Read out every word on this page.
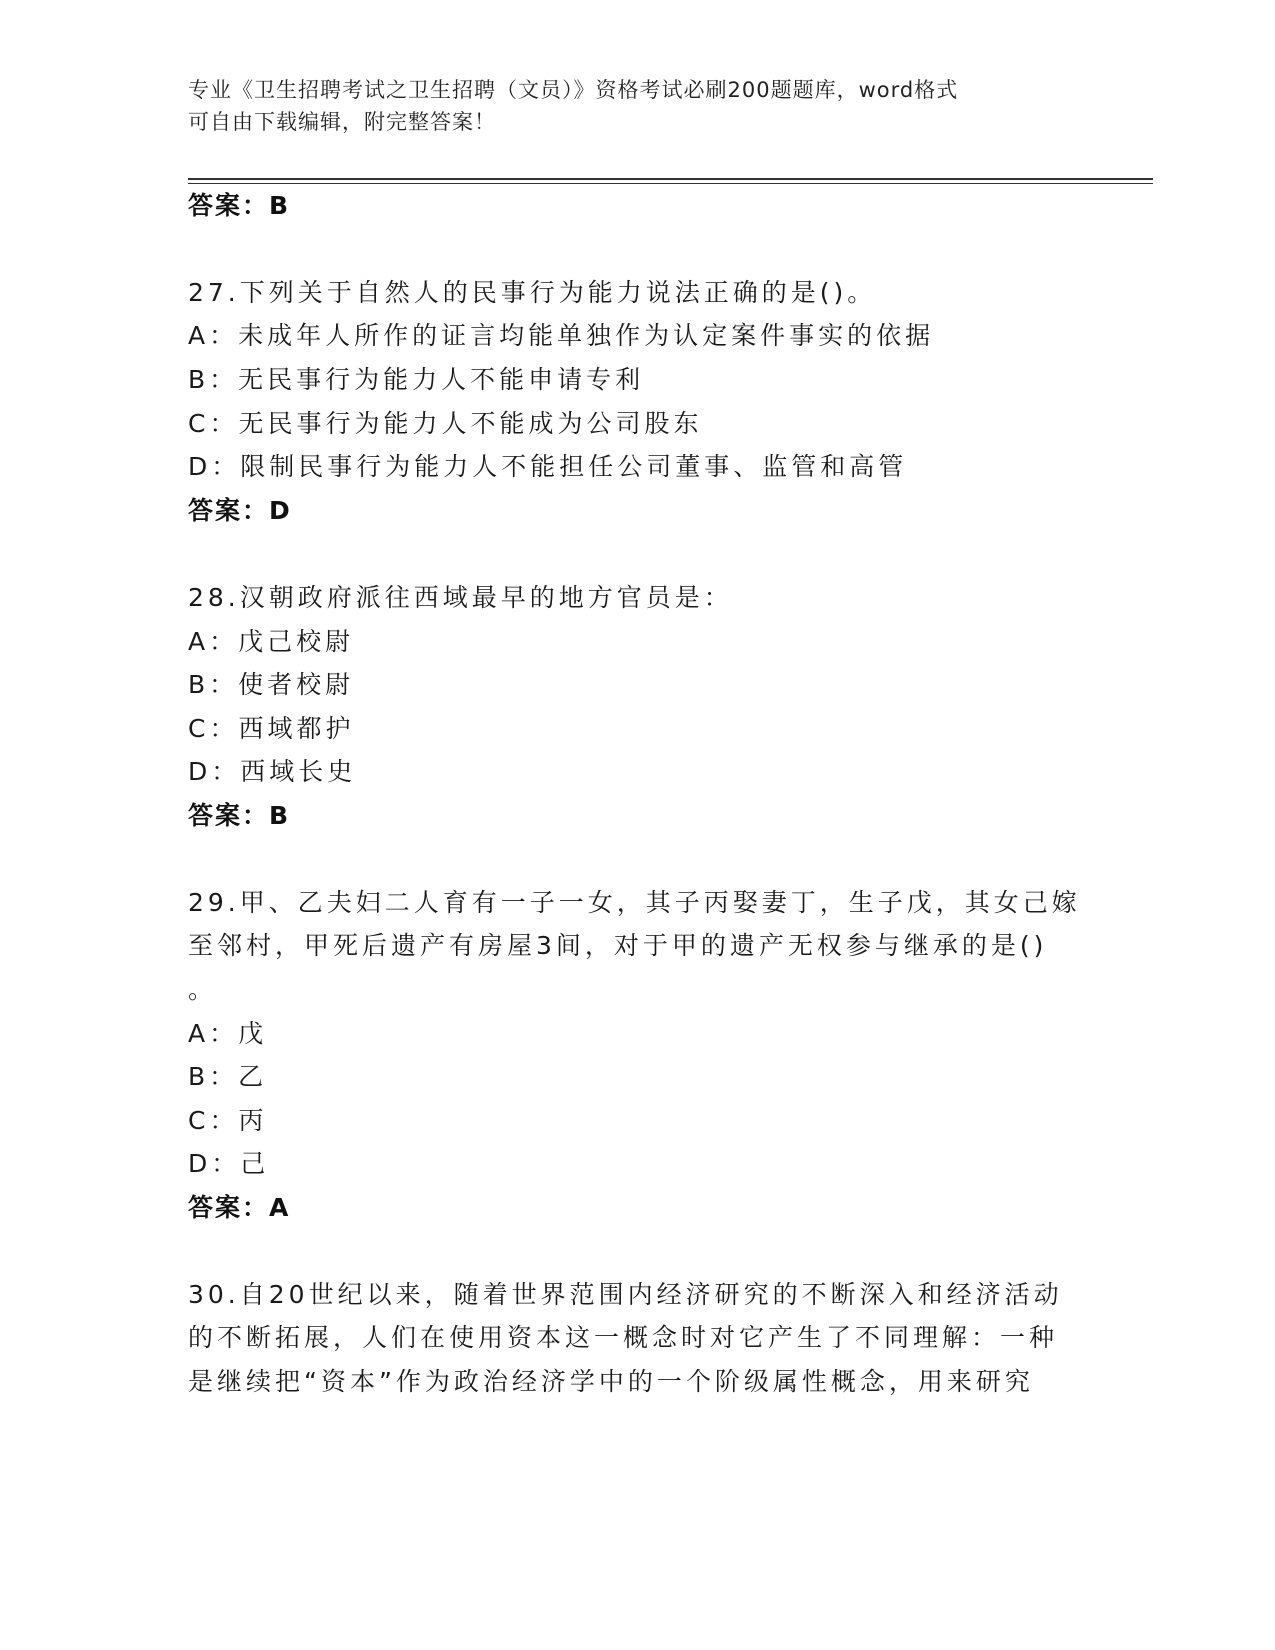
专业《卫生招聘考试之卫生招聘（文员）》资格考试必刷200题题库，word格式
可自由下载编辑，附完整答案！
答案：B
27.下列关于自然人的民事行为能力说法正确的是()。
A：未成年人所作的证言均能单独作为认定案件事实的依据
B：无民事行为能力人不能申请专利
C：无民事行为能力人不能成为公司股东
D：限制民事行为能力人不能担任公司董事、监管和高管
答案：D
28.汉朝政府派往西域最早的地方官员是：
A：戊己校尉
B：使者校尉
C：西域都护
D：西域长史
答案：B
29.甲、乙夫妇二人育有一子一女，其子丙娶妻丁，生子戊，其女己嫁
至邻村，甲死后遗产有房屋3间，对于甲的遗产无权参与继承的是()
。
A：戊
B：乙
C：丙
D：己
答案：A
30.自20世纪以来，随着世界范围内经济研究的不断深入和经济活动
的不断拓展，人们在使用资本这一概念时对它产生了不同理解：一种
是继续把“资本”作为政治经济学中的一个阶级属性概念，用来研究
